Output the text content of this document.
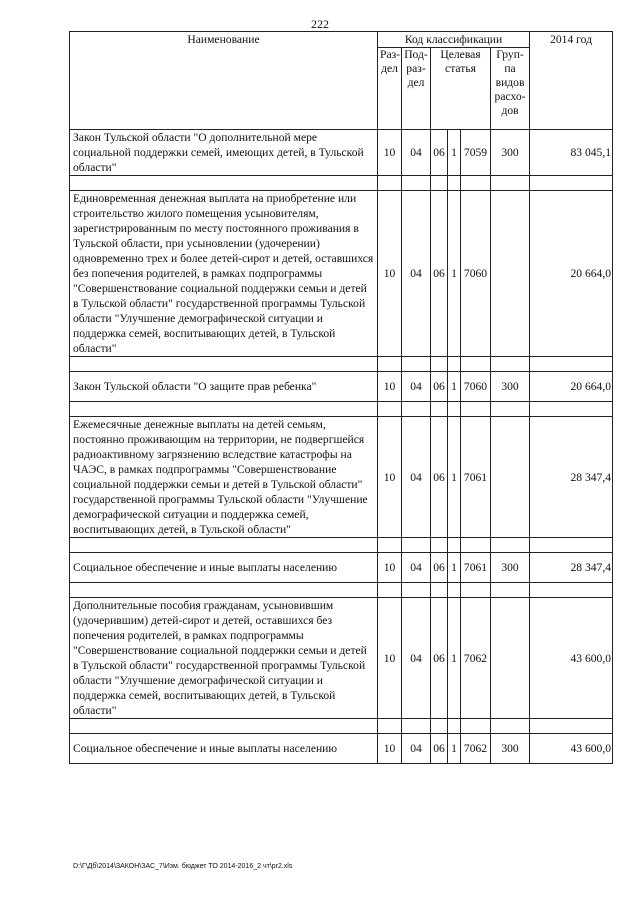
222
Наименование	Код классификации						2014 год
	Раз- дел	Под- раз- дел	Целевая статья			Груп- па видов расхо- дов	
Закон Тульской области "О дополнительной мере социальной поддержки семей, имеющих детей, в Тульской области"	10	04	06	1	7059	300	83 045,1

Единовременная денежная выплата на приобретение или строительство жилого помещения усыновителям, зарегистрированным по месту постоянного проживания в Тульской области, при усыновлении (удочерении) одновременно трех и более детей-сирот и детей, оставшихся без попечения родителей, в рамках подпрограммы "Совершенствование социальной поддержки семьи и детей в Тульской области" государственной программы Тульской области "Улучшение демографической ситуации и поддержка семей, воспитывающих детей, в Тульской области"	10	04	06	1	7060		20 664,0

Закон Тульской области "О защите прав ребенка"	10	04	06	1	7060	300	20 664,0

Ежемесячные денежные выплаты на детей семьям, постоянно проживающим на территории, не подвергшейся радиоактивному загрязнению вследствие катастрофы на ЧАЭС, в рамках подпрограммы "Совершенствование социальной поддержки семьи и детей в Тульской области" государственной программы Тульской области "Улучшение демографической ситуации и поддержка семей, воспитывающих детей, в Тульской области"	10	04	06	1	7061		28 347,4

Социальное обеспечение и иные выплаты населению	10	04	06	1	7061	300	28 347,4

Дополнительные пособия гражданам, усыновившим (удочерившим) детей-сирот и детей, оставшихся без попечения родителей, в рамках подпрограммы "Совершенствование социальной поддержки семьи и детей в Тульской области" государственной программы Тульской области "Улучшение демографической ситуации и поддержка семей, воспитывающих детей, в Тульской области"	10	04	06	1	7062		43 600,0

Социальное обеспечение и иные выплаты населению	10	04	06	1	7062	300	43 600,0
D:\Г\Дб\2014\ЗАКОН\ЗАС_7\Изм. бюджет ТО 2014-2016_2 чт\pr2.xls
